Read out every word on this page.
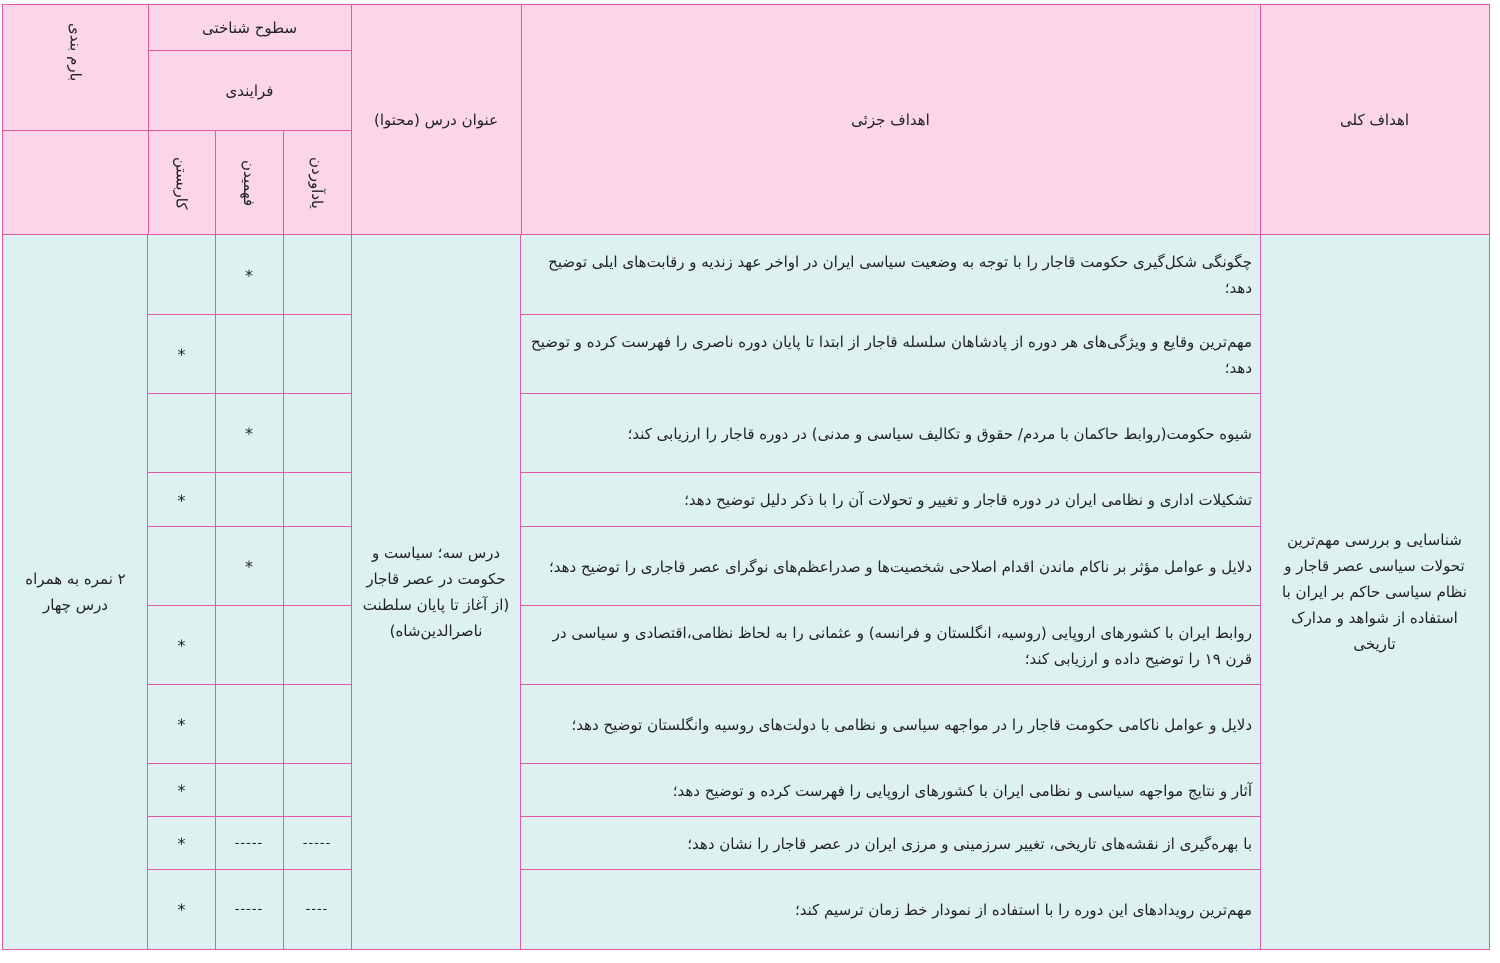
اهداف کلی
اهداف جزئی
عنوان درس (محتوا)
سطوح شناختی
فرایندی
یادآوردن
فهمیدن
کاربستن
بارم بندی
شناسایی و بررسی مهم‌ترین تحولات سیاسی عصر قاجار و نظام سیاسی حاکم بر ایران با استفاده از شواهد و مدارک تاریخی
درس سه؛ سیاست و حکومت در عصر قاجار (از آغاز تا پایان سلطنت ناصرالدین‌شاه)
۲ نمره به همراه درس چهار
چگونگی شکل‌گیری حکومت قاجار را با توجه به وضعیت سیاسی ایران در اواخر عهد زندیه و رقابت‌های ایلی توضیح دهد؛
*
مهم‌ترین وقایع و ویژگی‌های هر دوره از پادشاهان سلسله قاجار از ابتدا تا پایان دوره ناصری را فهرست کرده و توضیح دهد؛
*
شیوه حکومت(روابط حاکمان با مردم/ حقوق و تکالیف سیاسی و مدنی) در دوره قاجار را ارزیابی کند؛
*
تشکیلات اداری و نظامی ایران در دوره قاجار و تغییر و تحولات آن را با ذکر دلیل توضیح دهد؛
*
دلایل و عوامل مؤثر بر ناکام ماندن اقدام اصلاحی شخصیت‌ها و صدراعظم‌های نوگرای عصر قاجاری را توضیح دهد؛
*
روابط ایران با کشورهای اروپایی (روسیه، انگلستان و فرانسه) و عثمانی را به لحاظ نظامی،اقتصادی و سیاسی در قرن ۱۹ را توضیح داده و ارزیابی کند؛
*
دلایل و عوامل ناکامی حکومت قاجار را در مواجهه سیاسی و نظامی با دولت‌های روسیه وانگلستان توضیح دهد؛
*
آثار و نتایج مواجهه سیاسی و نظامی ایران با کشورهای اروپایی را فهرست کرده و توضیح دهد؛
*
با بهره‌گیری از نقشه‌های تاریخی، تغییر سرزمینی و مرزی ایران در عصر قاجار را نشان دهد؛
-----
-----
*
مهم‌ترین رویدادهای این دوره را با استفاده از نمودار خط زمان ترسیم کند؛
----
-----
*
